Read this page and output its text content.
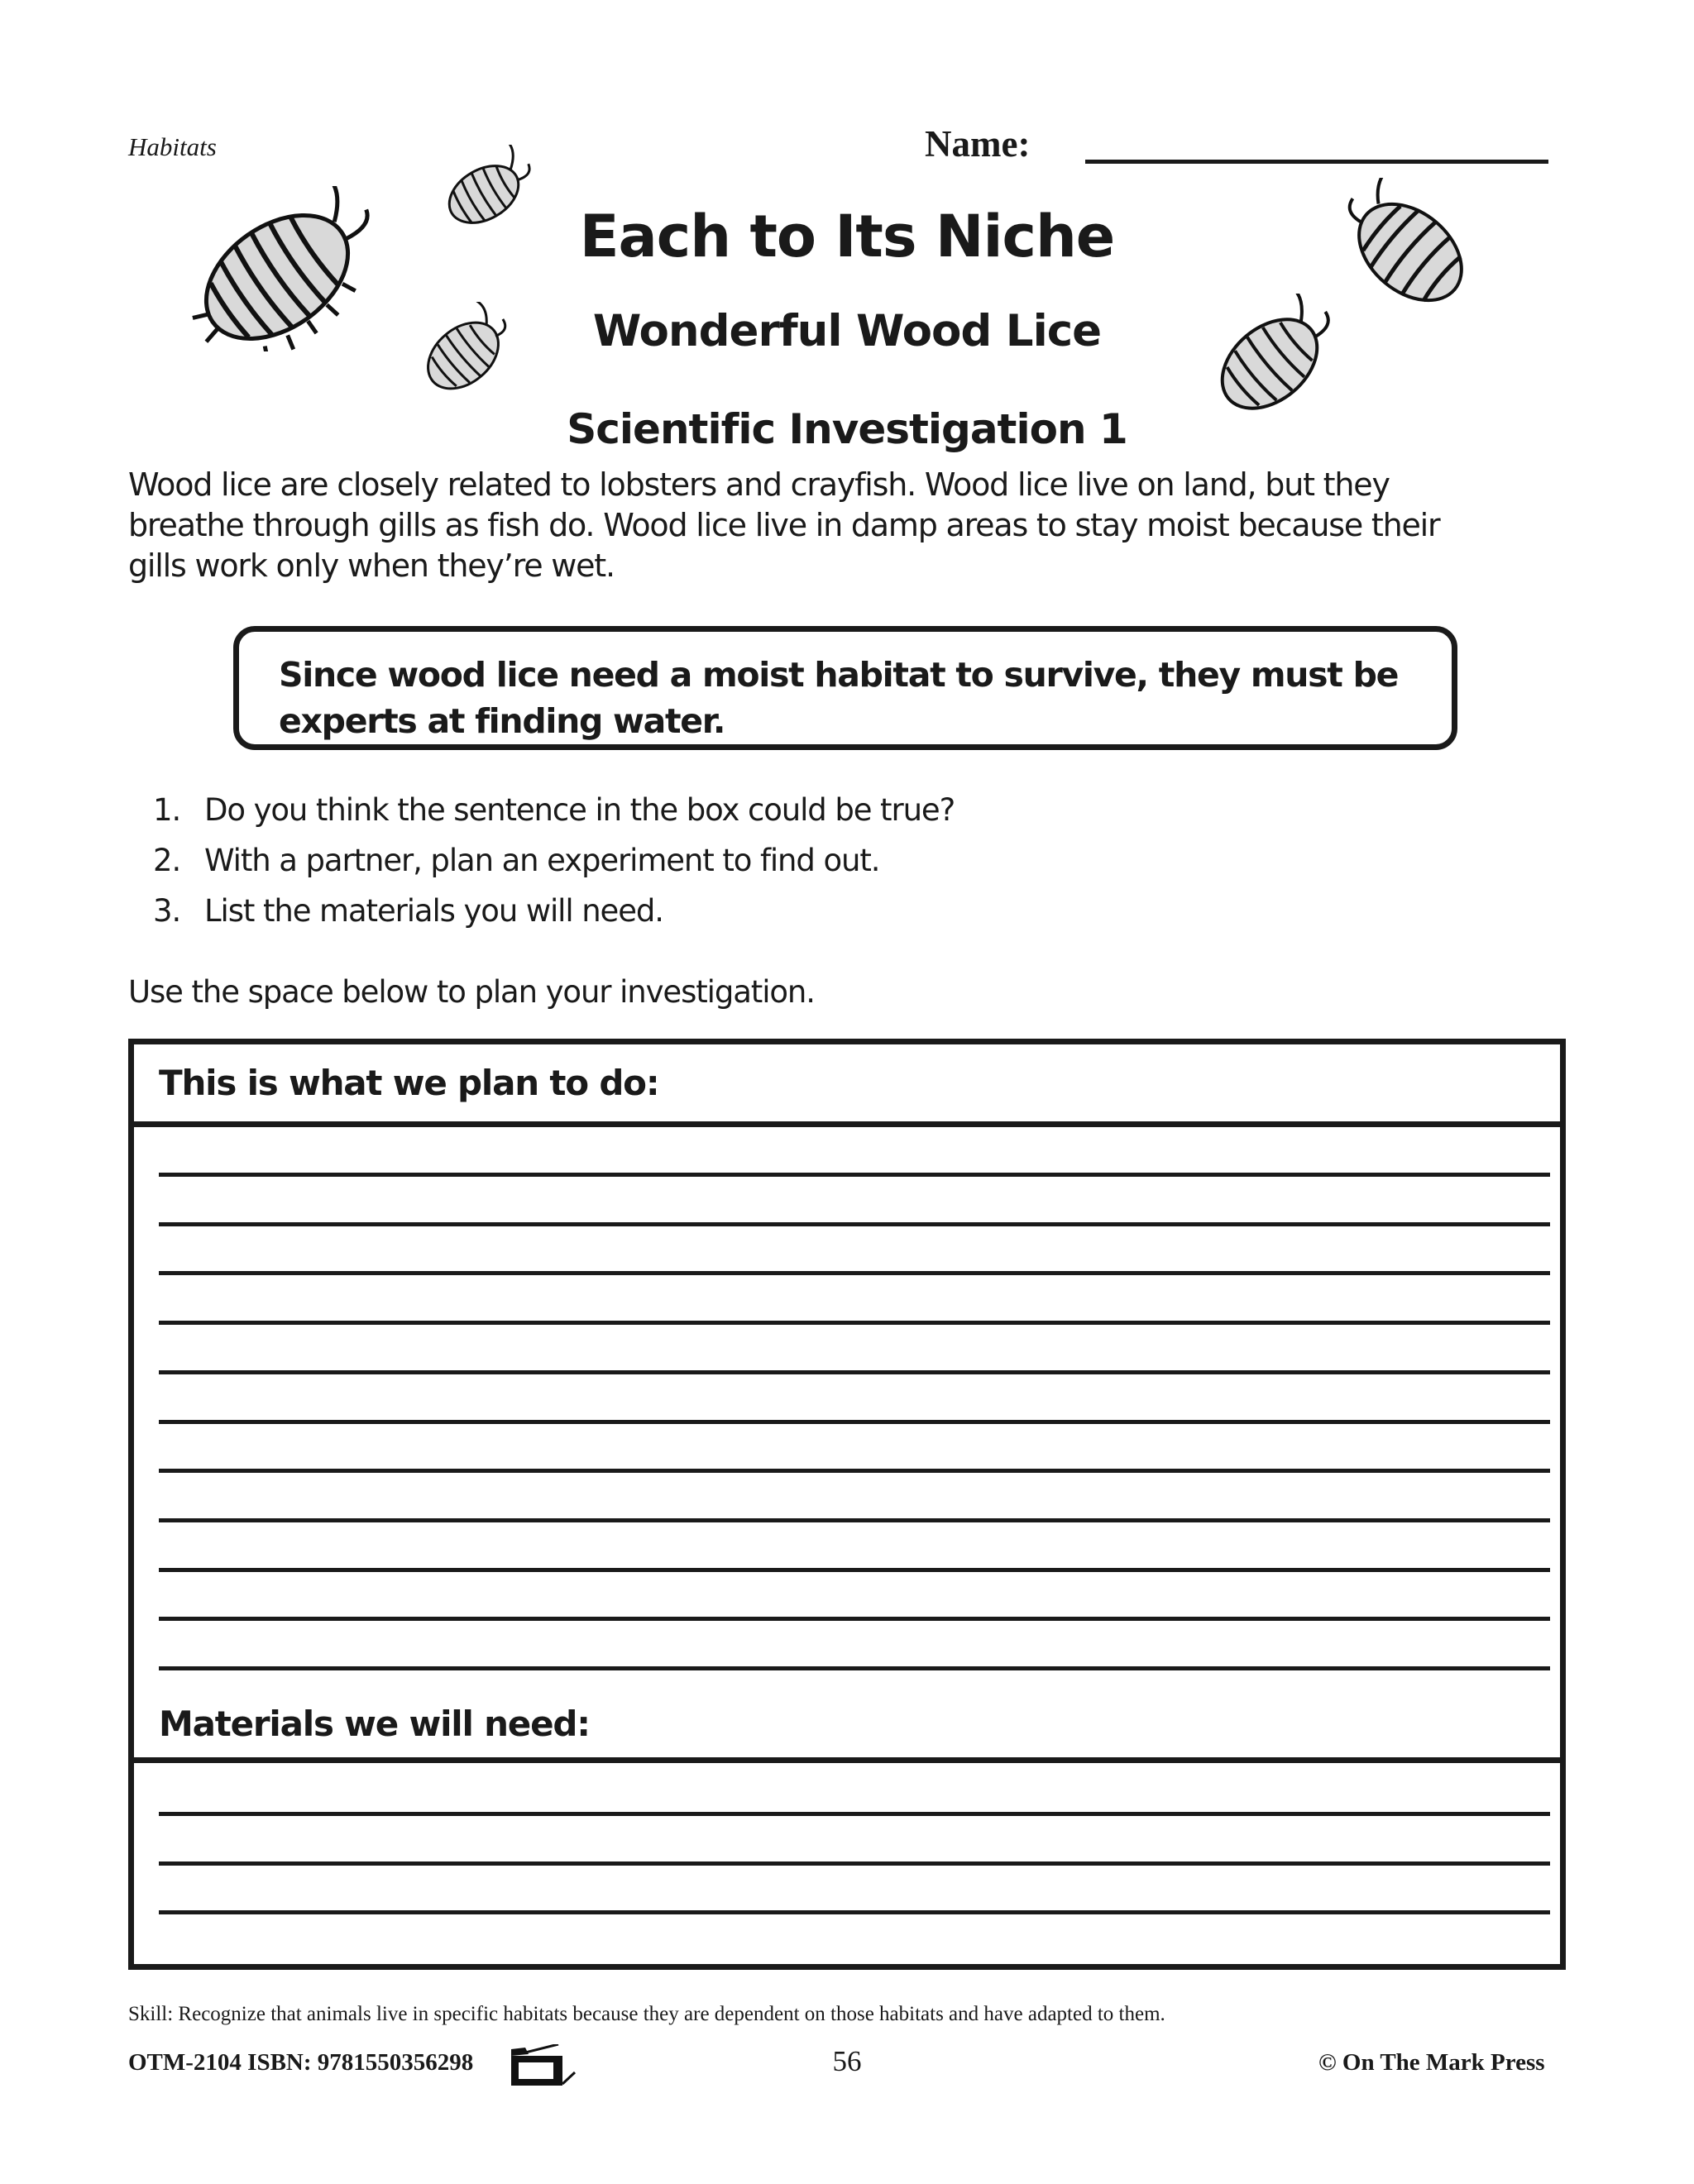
Habitats	Name:
Each to Its Niche
Wonderful Wood Lice
Scientific Investigation 1
Wood lice are closely related to lobsters and crayfish. Wood lice live on land, but they
breathe through gills as fish do. Wood lice live in damp areas to stay moist because their
gills work only when they’re wet.
Since wood lice need a moist habitat to survive, they must be
experts at finding water.
1. Do you think the sentence in the box could be true?
2. With a partner, plan an experiment to find out.
3. List the materials you will need.
Use the space below to plan your investigation.
This is what we plan to do:
Materials we will need:
Skill: Recognize that animals live in specific habitats because they are dependent on those habitats and have adapted to them.
OTM-2104 ISBN: 9781550356298	56	© On The Mark Press
